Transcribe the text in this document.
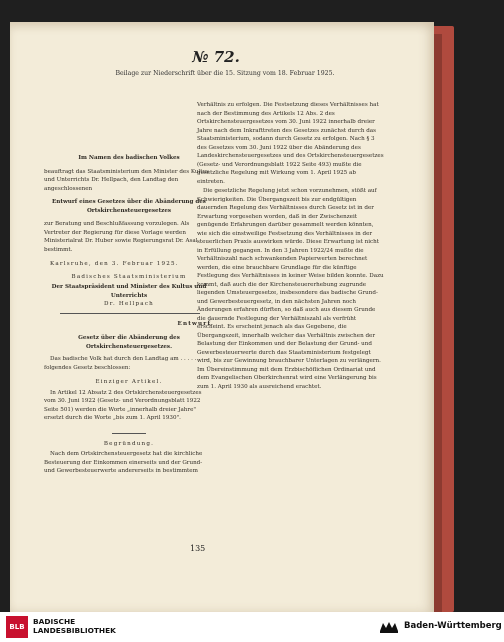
№ 72.
Beilage zur Niederschrift über die 15. Sitzung vom 18. Februar 1925.

Im Namen des badischen Volkes

beauftragt das Staatsministerium den Minister des Kultus und Unterrichts Dr. Hellpach, den Landtag den angeschlossenen

Entwurf eines Gesetzes über die Abänderung des Ortskirchensteuergesetzes

zur Beratung und Beschlußfassung vorzulegen. Als Vertreter der Regierung für diese Vorlage werden Ministerialrat Dr. Huber sowie Regierungsrat Dr. Asal bestimmt.

Karlsruhe, den 3. Februar 1925.

Badisches Staatsministerium

Der Staatspräsident und Minister des Kultus und Unterrichts

Dr. Hellpach

Entwurf.

Gesetz über die Abänderung des Ortskirchensteuergesetzes.

Das badische Volk hat durch den Landtag am . . . . . . . . folgendes Gesetz beschlossen:

Einziger Artikel.

In Artikel 12 Absatz 2 des Ortskirchensteuergesetzes vom 30. Juni 1922 (Gesetz- und Verordnungsblatt 1922 Seite 501) werden die Worte „innerhalb dreier Jahre" ersetzt durch die Worte „bis zum 1. April 1930".

Begründung.

Nach dem Ortskirchensteuergesetz hat die kirchliche Besteuerung der Einkommen einerseits und der Grund- und Gewerbesteuerwerte andererseits in bestimmtem

Verhältnis zu erfolgen. Die Festsetzung dieses Verhältnisses hat nach der Bestimmung des Artikels 12 Abs. 2 des Ortskirchensteuergesetzes vom 30. Juni 1922 innerhalb dreier Jahre nach dem Inkrafttreten des Gesetzes zunächst durch das Staatsministerium, sodann durch Gesetz zu erfolgen. Nach § 3 des Gesetzes vom 30. Juni 1922 über die Abänderung des Landeskirchensteuergesetzes und des Ortskirchensteuergesetzes (Gesetz- und Verordnungsblatt 1922 Seite 493) mußte die gesetzliche Regelung mit Wirkung vom 1. April 1925 ab eintreten.

Die gesetzliche Regelung jetzt schon vorzunehmen, stößt auf Schwierigkeiten. Die Übergangszeit bis zur endgültigen dauernden Regelung des Verhältnisses durch Gesetz ist in der Erwartung vorgesehen worden, daß in der Zwischenzeit genügende Erfahrungen darüber gesammelt werden könnten, wie sich die einstweilige Festsetzung des Verhältnisses in der steuerlichen Praxis auswirken würde. Diese Erwartung ist nicht in Erfüllung gegangen. In den 3 Jahren 1922/24 mußte die Verhältniszahl nach schwankenden Papierwerten berechnet werden, die eine brauchbare Grundlage für die künftige Festlegung des Verhältnisses in keiner Weise bilden konnte. Dazu kommt, daß auch die der Kirchensteuererhebung zugrunde liegenden Umsteuergesetze, insbesondere das badische Grund- und Gewerbesteuergesetz, in den nächsten Jahren noch Änderungen erfahren dürften, so daß auch aus diesem Grunde die dauernde Festlegung der Verhältniszahl als verfrüht erscheint. Es erscheint jenach als das Gegebene, die Übergangszeit, innerhalb welcher das Verhältnis zwischen der Belastung der Einkommen und der Belastung der Grund- und Gewerbesteuerwerte durch das Staatsministerium festgelegt wird, bis zur Gewinnung brauchbarer Unterlagen zu verlängern. Im Übereinstimmung mit dem Erzbischöflichen Ordinariat und dem Evangelischen Oberkirchenrat wird eine Verlängerung bis zum 1. April 1930 als ausreichend erachtet.

135
BLB
BADISCHE
LANDESBIBLIOTHEK	Baden-Württemberg
